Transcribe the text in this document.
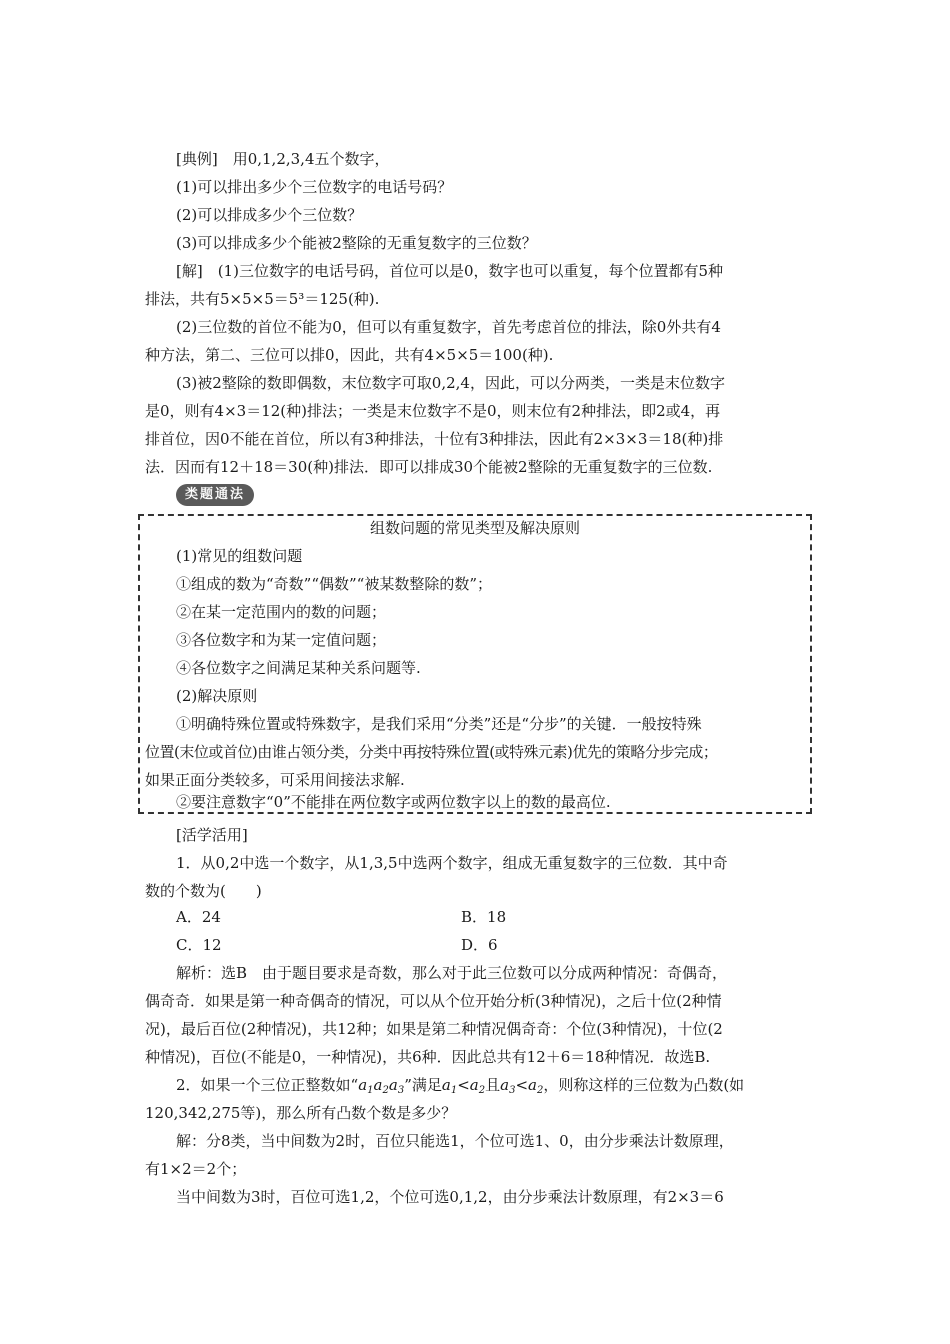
[典例]　用0,1,2,3,4五个数字，
(1)可以排出多少个三位数字的电话号码？
(2)可以排成多少个三位数？
(3)可以排成多少个能被2整除的无重复数字的三位数？
[解]　(1)三位数字的电话号码，首位可以是0，数字也可以重复，每个位置都有5种
排法，共有5×5×5＝5³＝125(种).
(2)三位数的首位不能为0，但可以有重复数字，首先考虑首位的排法，除0外共有4
种方法，第二、三位可以排0，因此，共有4×5×5＝100(种).
(3)被2整除的数即偶数，末位数字可取0,2,4，因此，可以分两类，一类是末位数字
是0，则有4×3＝12(种)排法；一类是末位数字不是0，则末位有2种排法，即2或4，再
排首位，因0不能在首位，所以有3种排法，十位有3种排法，因此有2×3×3＝18(种)排
法．因而有12＋18＝30(种)排法．即可以排成30个能被2整除的无重复数字的三位数.
类题通法
组数问题的常见类型及解决原则
(1)常见的组数问题
①组成的数为“奇数”“偶数”“被某数整除的数”；
②在某一定范围内的数的问题；
③各位数字和为某一定值问题；
④各位数字之间满足某种关系问题等.
(2)解决原则
①明确特殊位置或特殊数字，是我们采用“分类”还是“分步”的关键．一般按特殊
位置(末位或首位)由谁占领分类，分类中再按特殊位置(或特殊元素)优先的策略分步完成；
如果正面分类较多，可采用间接法求解.
②要注意数字“0”不能排在两位数字或两位数字以上的数的最高位.
[活学活用]
1．从0,2中选一个数字，从1,3,5中选两个数字，组成无重复数字的三位数．其中奇
数的个数为(　　)
A．24	B．18
C．12	D．6
解析：选B　由于题目要求是奇数，那么对于此三位数可以分成两种情况：奇偶奇，
偶奇奇．如果是第一种奇偶奇的情况，可以从个位开始分析(3种情况)，之后十位(2种情
况)，最后百位(2种情况)，共12种；如果是第二种情况偶奇奇：个位(3种情况)，十位(2
种情况)，百位(不能是0，一种情况)，共6种．因此总共有12＋6＝18种情况．故选B.
2．如果一个三位正整数如“$a_1a_2a_3$”满足$a_1<a_2$且$a_3<a_2$，则称这样的三位数为凸数(如
120,342,275等)，那么所有凸数个数是多少？
解：分8类，当中间数为2时，百位只能选1，个位可选1、0，由分步乘法计数原理，
有1×2＝2个；
当中间数为3时，百位可选1,2，个位可选0,1,2，由分步乘法计数原理，有2×3＝6
